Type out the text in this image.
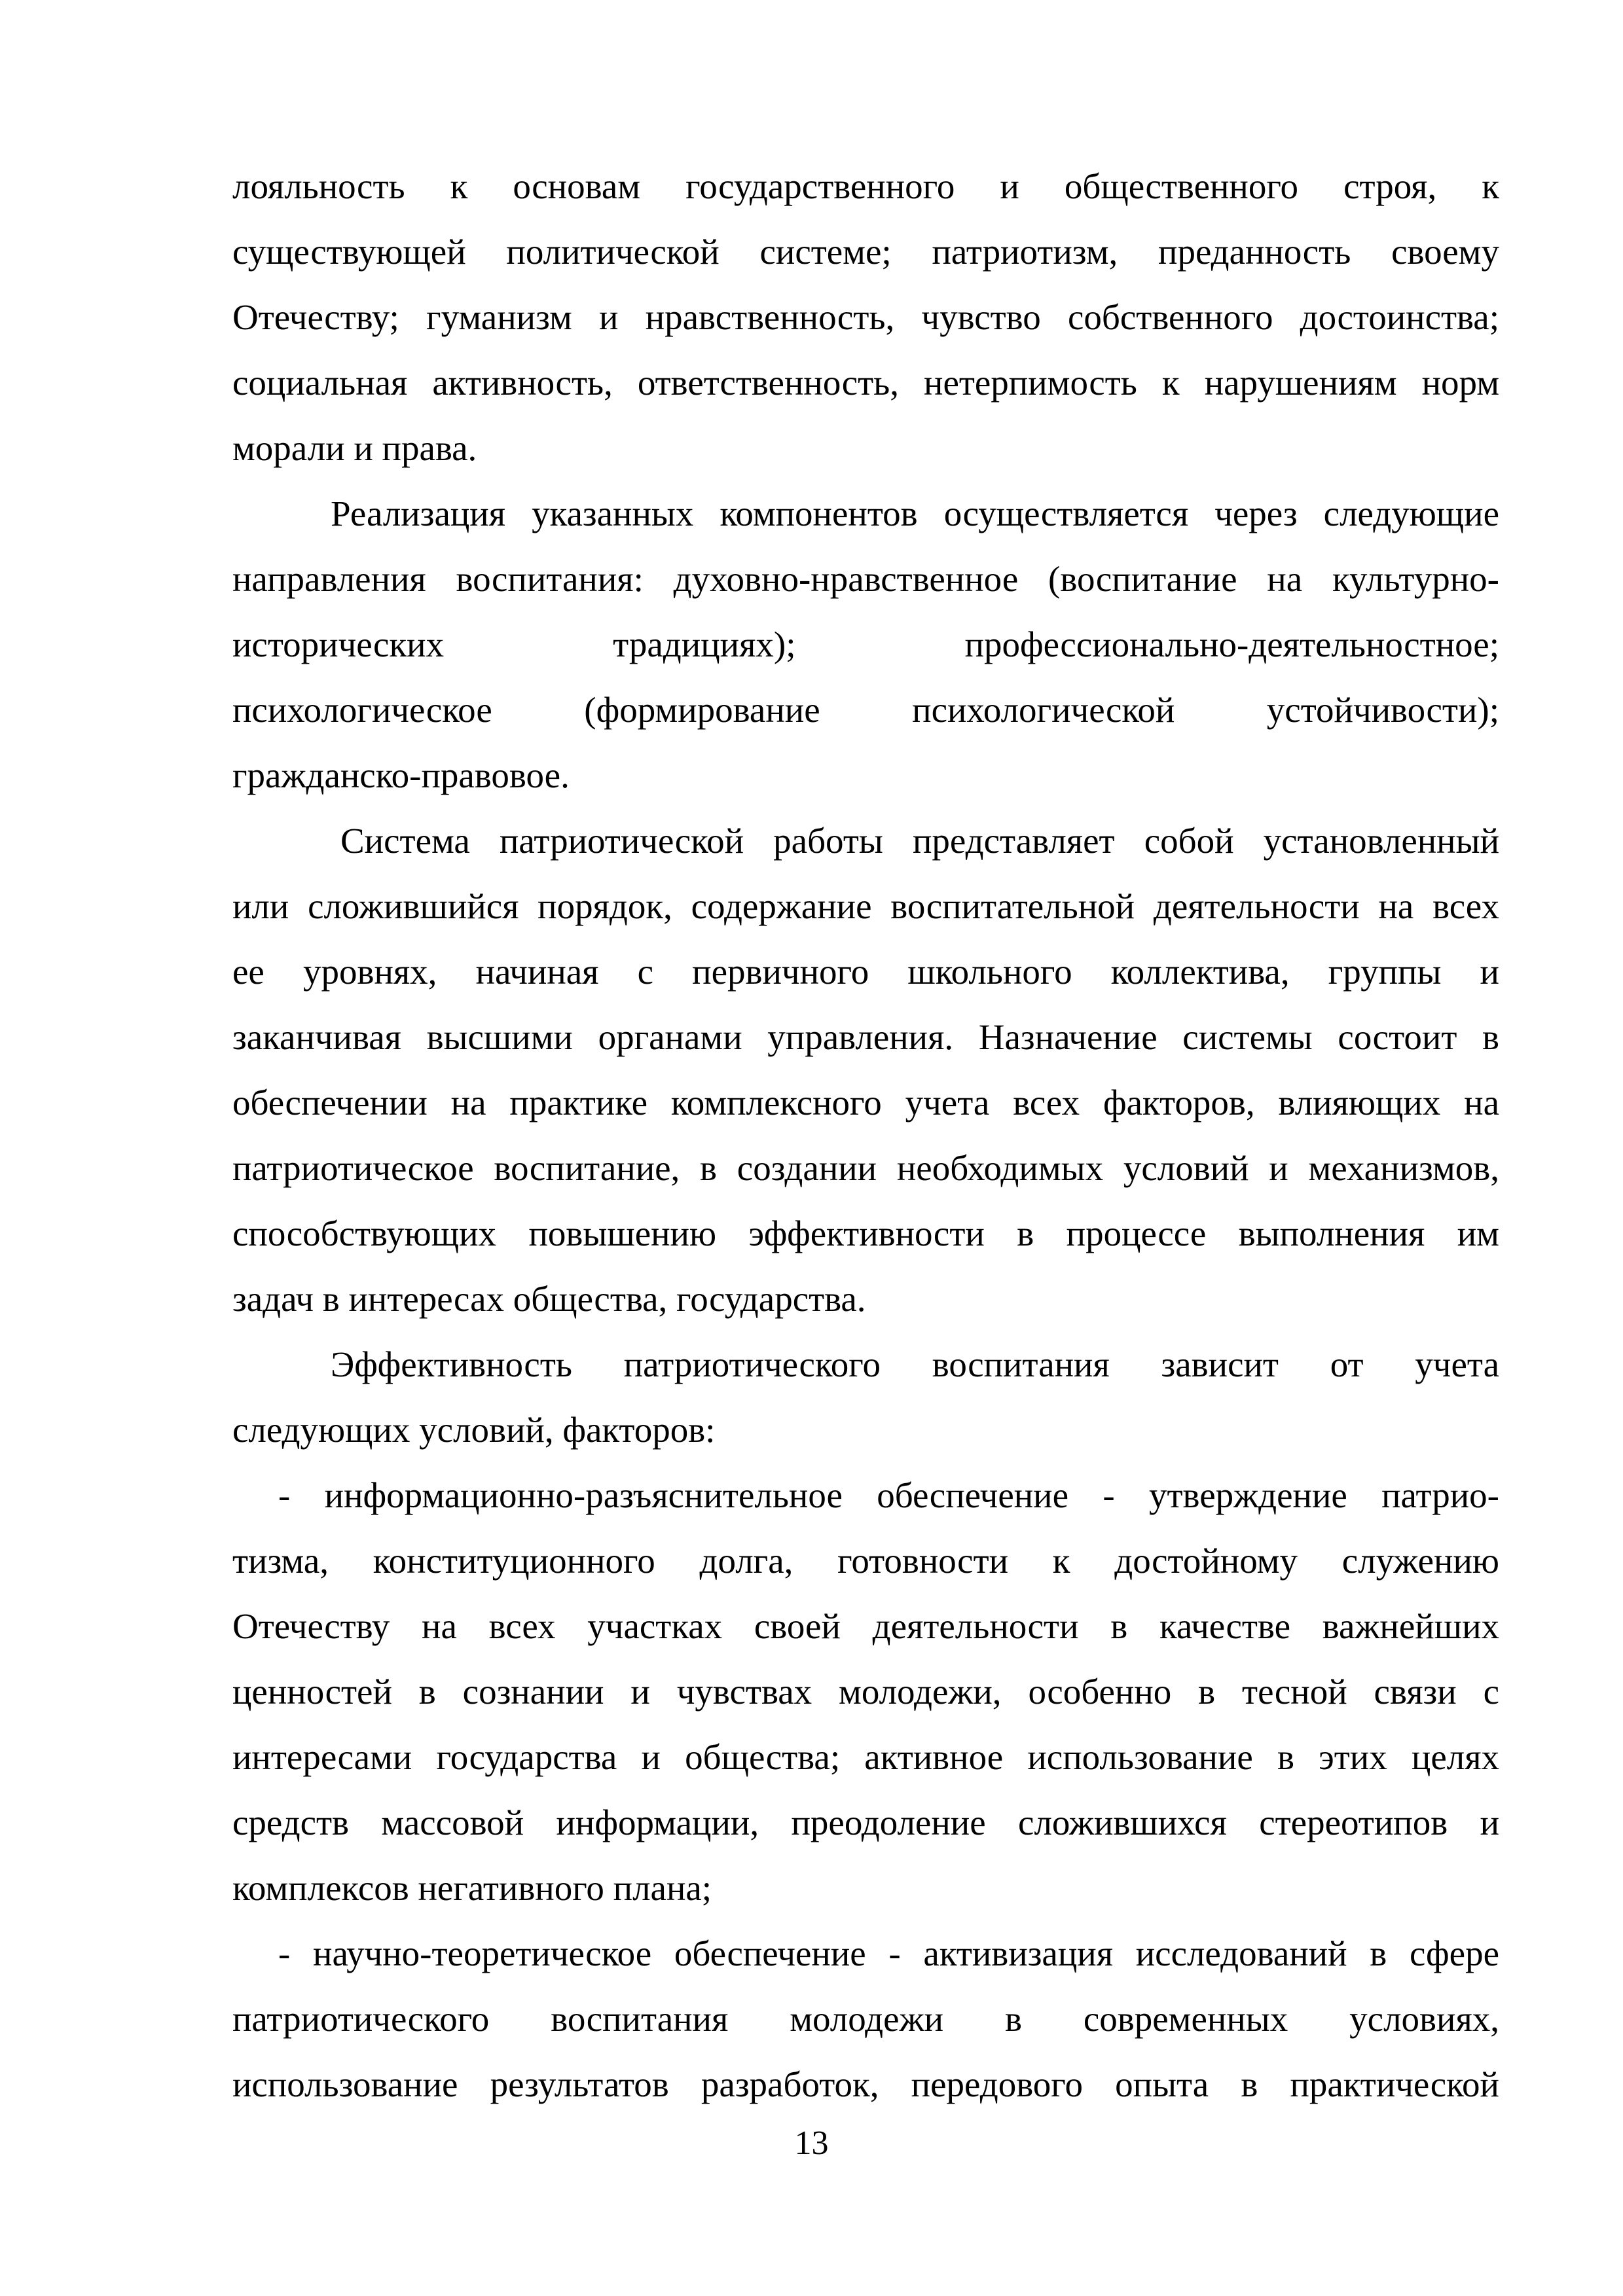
лояльность к основам государственного и общественного строя, к
существующей политической системе; патриотизм, преданность своему
Отечеству; гуманизм и нравственность, чувство собственного достоинства;
социальная активность, ответственность, нетерпимость к нарушениям норм
морали и права.
Реализация указанных компонентов осуществляется через следующие
направления воспитания: духовно-нравственное (воспитание на культурно-
исторических традициях); профессионально-деятельностное;
психологическое (формирование психологической устойчивости);
гражданско-правовое.
Система патриотической работы представляет собой установленный
или сложившийся порядок, содержание воспитательной деятельности на всех
ее уровнях, начиная с первичного школьного коллектива, группы и
заканчивая высшими органами управления. Назначение системы состоит в
обеспечении на практике комплексного учета всех факторов, влияющих на
патриотическое воспитание, в создании необходимых условий и механизмов,
способствующих повышению эффективности в процессе выполнения им
задач в интересах общества, государства.
Эффективность патриотического воспитания зависит от учета
следующих условий, факторов:
- информационно-разъяснительное обеспечение - утверждение патрио-
тизма, конституционного долга, готовности к достойному служению
Отечеству на всех участках своей деятельности в качестве важнейших
ценностей в сознании и чувствах молодежи, особенно в тесной связи с
интересами государства и общества; активное использование в этих целях
средств массовой информации, преодоление сложившихся стереотипов и
комплексов негативного плана;
- научно-теоретическое обеспечение - активизация исследований в сфере
патриотического воспитания молодежи в современных условиях,
использование результатов разработок, передового опыта в практической
13
